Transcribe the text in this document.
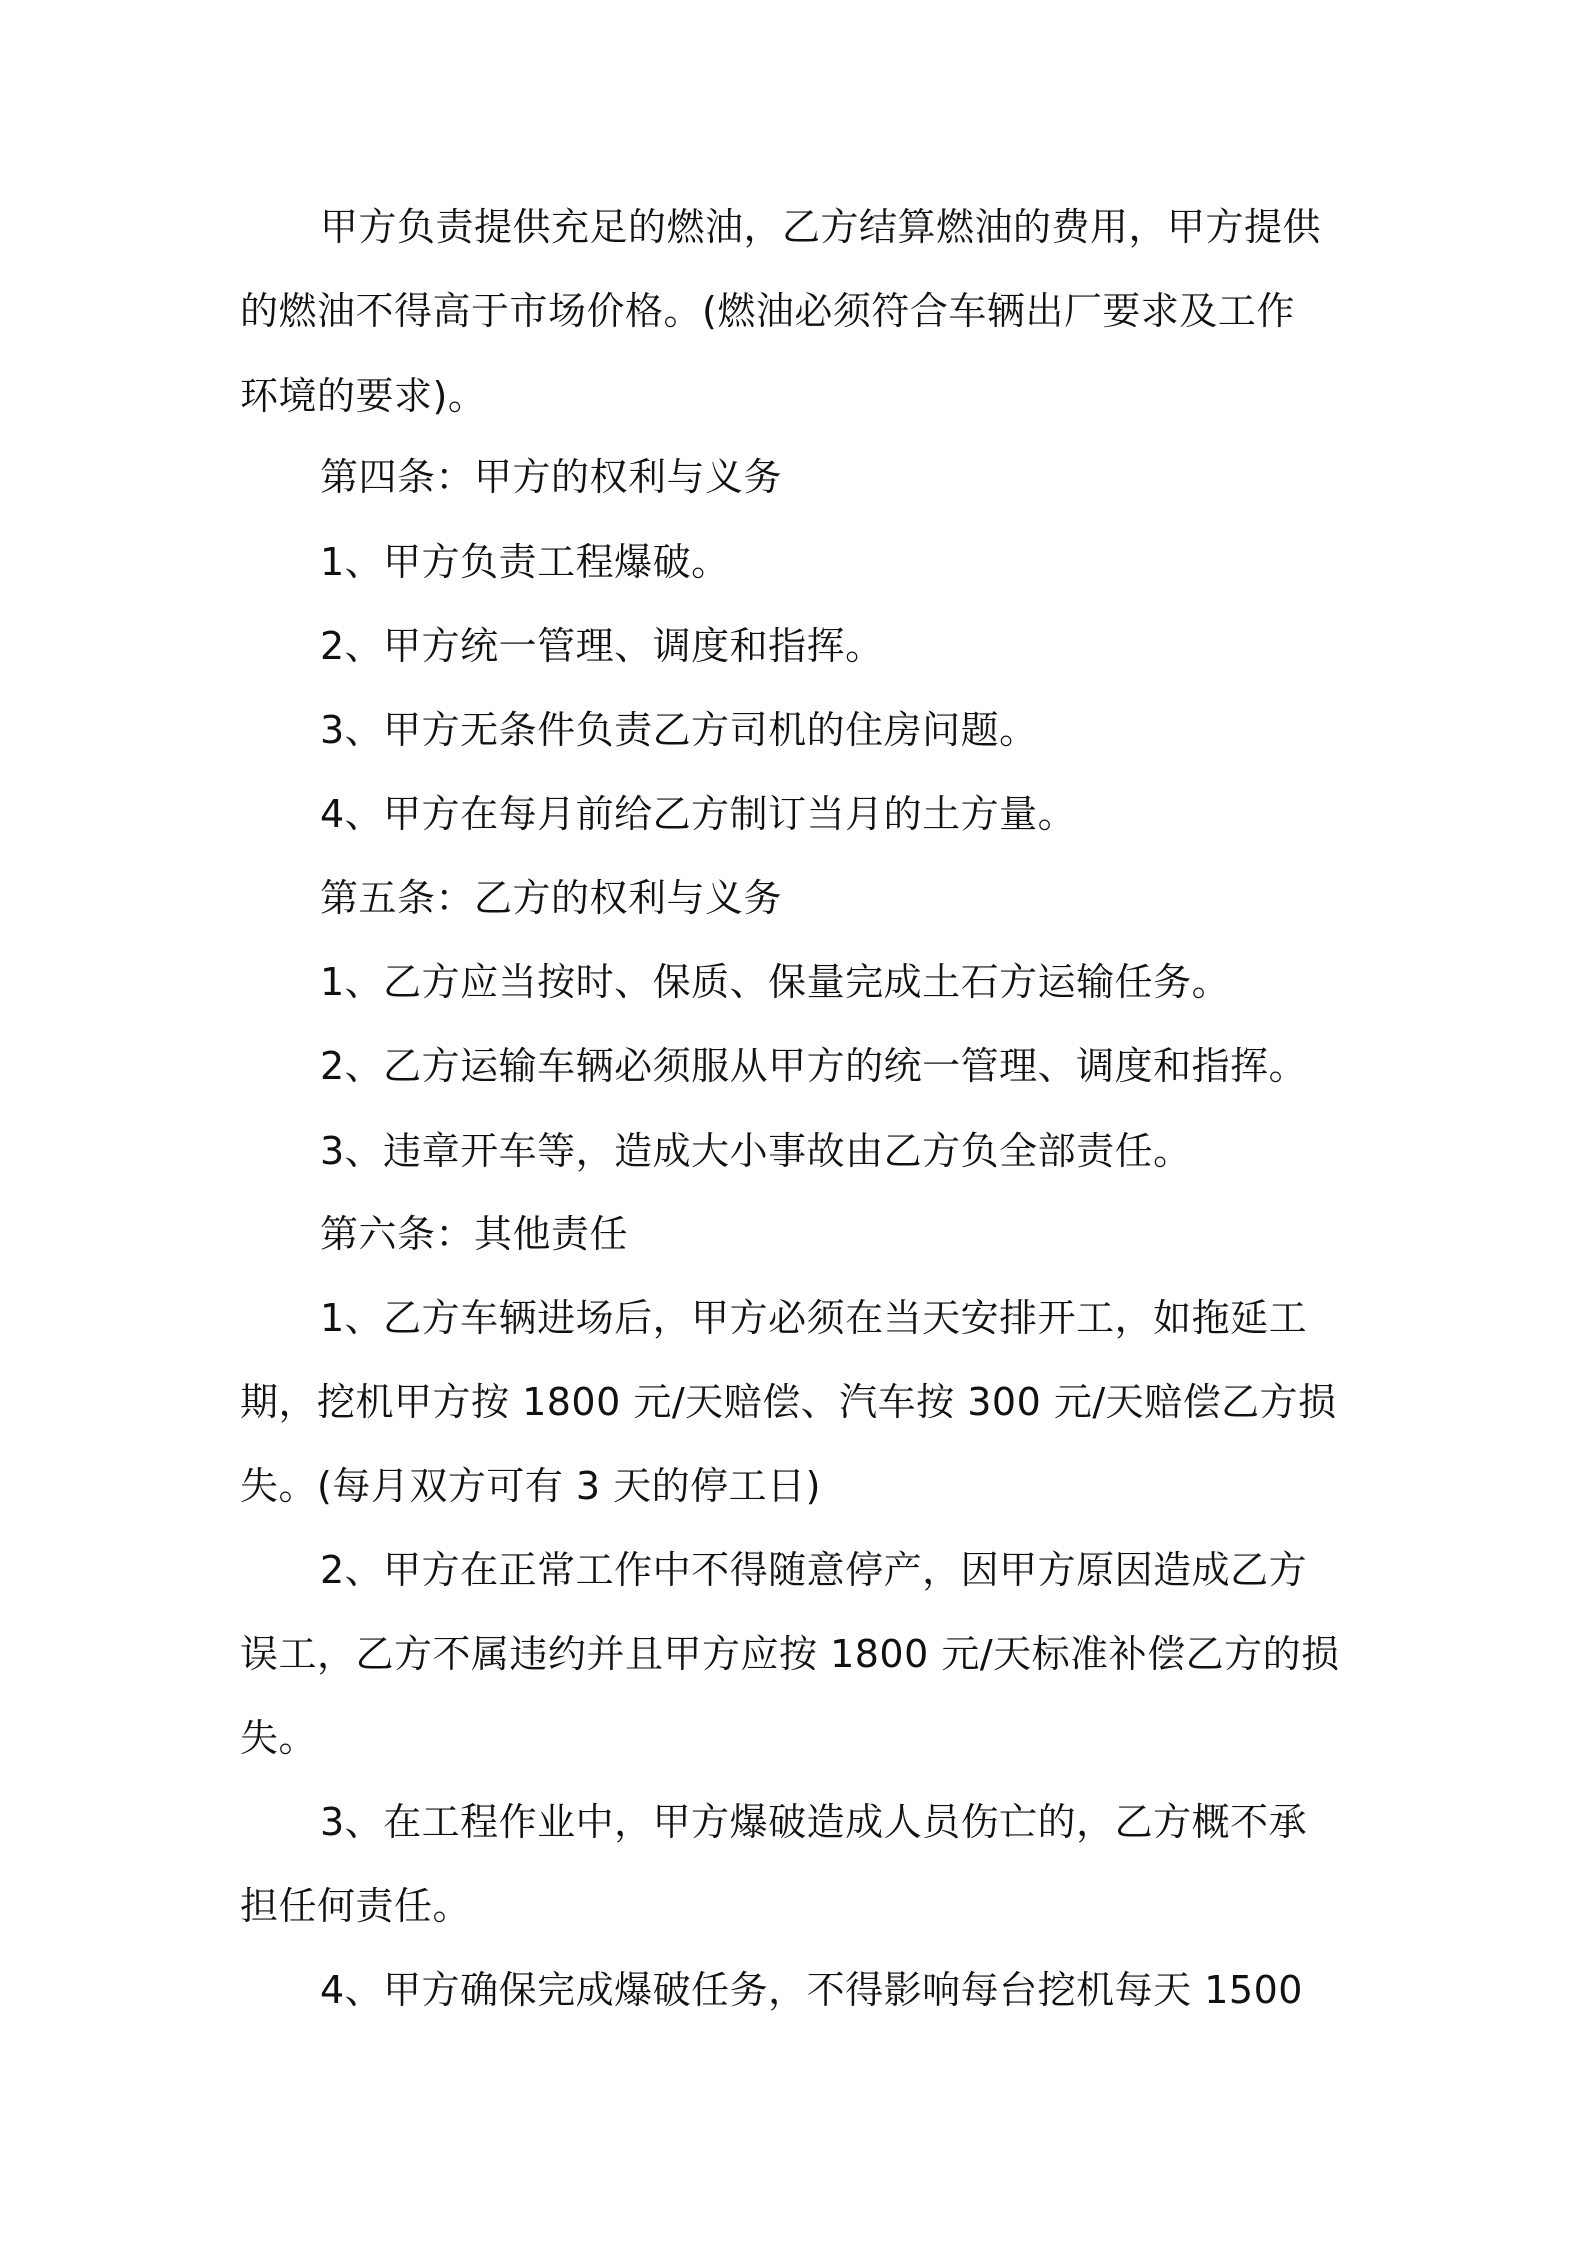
甲方负责提供充足的燃油，乙方结算燃油的费用，甲方提供
的燃油不得高于市场价格。(燃油必须符合车辆出厂要求及工作
环境的要求)。
第四条：甲方的权利与义务
1、甲方负责工程爆破。
2、甲方统一管理、调度和指挥。
3、甲方无条件负责乙方司机的住房问题。
4、甲方在每月前给乙方制订当月的土方量。
第五条：乙方的权利与义务
1、乙方应当按时、保质、保量完成土石方运输任务。
2、乙方运输车辆必须服从甲方的统一管理、调度和指挥。
3、违章开车等，造成大小事故由乙方负全部责任。
第六条：其他责任
1、乙方车辆进场后，甲方必须在当天安排开工，如拖延工
期，挖机甲方按 1800 元/天赔偿、汽车按 300 元/天赔偿乙方损
失。(每月双方可有 3 天的停工日)
2、甲方在正常工作中不得随意停产，因甲方原因造成乙方
误工，乙方不属违约并且甲方应按 1800 元/天标准补偿乙方的损
失。
3、在工程作业中，甲方爆破造成人员伤亡的，乙方概不承
担任何责任。
4、甲方确保完成爆破任务，不得影响每台挖机每天 1500
